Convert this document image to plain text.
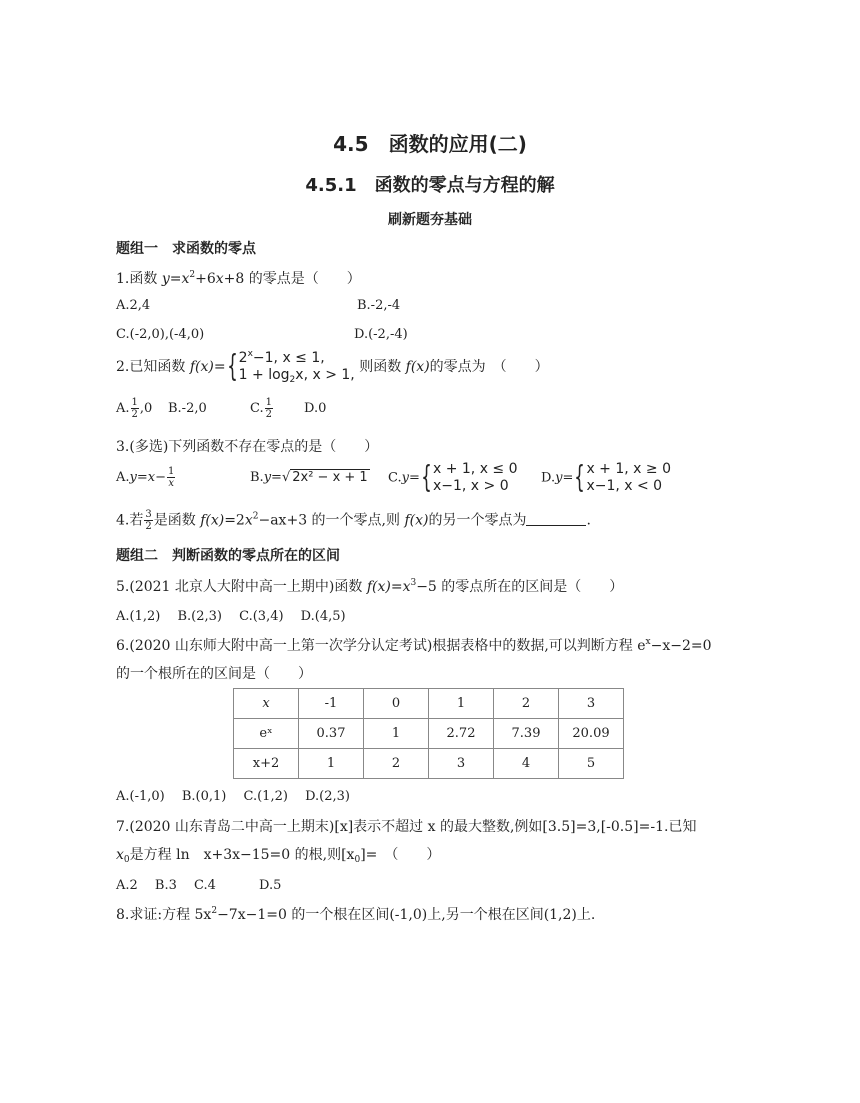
4.5　函数的应用(二)
4.5.1　函数的零点与方程的解
刷新题夯基础
题组一　求函数的零点
1.函数 $y=x^2+6x+8$ 的零点是（　　）
A.2,4	B.-2,-4
C.(-2,0),(-4,0)	D.(-2,-4)
2.已知函数 f(x)={ $2^x-1$, x ≤ 1,
$1 + \log_2x$, x > 1, 则函数 f(x)的零点为　（　　）
A. $\frac{1}{2} ,0$ B.-2,0	C. $\frac{1}{2} D.0$
3.(多选)下列函数不存在零点的是（　　）
$A.y=x- \frac{1}{x}$	B.y=√ 2x² − x + 1 C.y={ x + 1, x ≤ 0
x−1, x > 0	D.y={ x + 1, x ≥ 0
x−1, x < 0
4.若 $\frac{3}{2}$ 是函数 $f(x)=2x^2-ax+3$ 的一个零点,则 f(x)的另一个零点为	.
题组二　判断函数的零点所在的区间
5.(2021 北京人大附中高一上期中)函数 $f(x)=x^3-5$ 的零点所在的区间是（　　）
A.(1,2)　 B.(2,3)　 C.(3,4)　 D.(4,5)
6.(2020 山东师大附中高一上第一次学分认定考试)根据表格中的数据,可以判断方程 $e^x-x-2=0$
的一个根所在的区间是（　　）
x	-1	0	1	2	3
eˣ	0.37	1	2.72	7.39	20.09
x+2	1	2	3	4	5
A.(-1,0)　 B.(0,1)　 C.(1,2)　 D.(2,3)
7.(2020 山东青岛二中高一上期末)[x]表示不超过 x 的最大整数,例如[3.5]=3,[-0.5]=-1.已知
$x_0$是方程 ln　x+3x−15=0 的根,则$[x_0]=$　（　　）
A.2　 B.3　 C.4　　　 D.5
8.求证:方程 $5x^2-7x-1=0$ 的一个根在区间(-1,0)上,另一个根在区间(1,2)上.
